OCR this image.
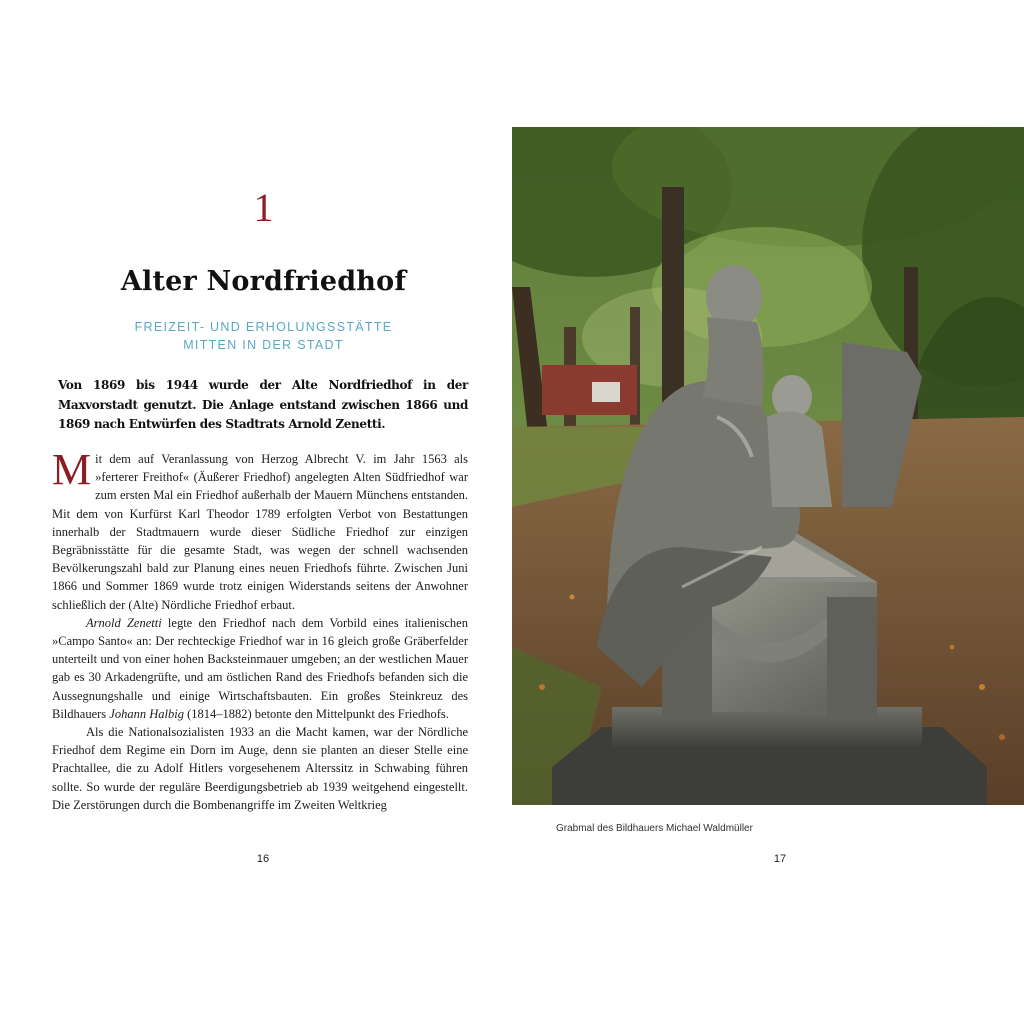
1
Alter Nordfriedhof
FREIZEIT- UND ERHOLUNGSSTÄTTE
MITTEN IN DER STADT
Von 1869 bis 1944 wurde der Alte Nordfriedhof in der Maxvorstadt genutzt. Die Anlage entstand zwischen 1866 und 1869 nach Entwürfen des Stadtrats Arnold Zenetti.

Mit dem auf Veranlassung von Herzog Albrecht V. im Jahr 1563 als »ferterer Freithof« (Äußerer Friedhof) angelegten Alten Südfriedhof war zum ersten Mal ein Friedhof außerhalb der Mauern Münchens entstanden. Mit dem von Kurfürst Karl Theodor 1789 erfolgten Verbot von Bestattungen innerhalb der Stadtmauern wurde dieser Südliche Friedhof zur einzigen Begräbnisstätte für die gesamte Stadt, was wegen der schnell wachsenden Bevölkerungszahl bald zur Planung eines neuen Friedhofs führte. Zwischen Juni 1866 und Sommer 1869 wurde trotz einigen Widerstands seitens der Anwohner schließlich der (Alte) Nördliche Friedhof erbaut.

Arnold Zenetti legte den Friedhof nach dem Vorbild eines italienischen »Campo Santo« an: Der rechteckige Friedhof war in 16 gleich große Gräberfelder unterteilt und von einer hohen Backsteinmauer umgeben; an der westlichen Mauer gab es 30 Arkadengrüfte, und am östlichen Rand des Friedhofs befanden sich die Aussegnungshalle und einige Wirtschaftsbauten. Ein großes Steinkreuz des Bildhauers Johann Halbig (1814–1882) betonte den Mittelpunkt des Friedhofs.

Als die Nationalsozialisten 1933 an die Macht kamen, war der Nördliche Friedhof dem Regime ein Dorn im Auge, denn sie planten an dieser Stelle eine Prachtallee, die zu Adolf Hitlers vorgesehenem Alterssitz in Schwabing führen sollte. So wurde der reguläre Beerdigungsbetrieb ab 1939 weitgehend eingestellt. Die Zerstörungen durch die Bombenangriffe im Zweiten Weltkrieg

16
Grabmal des Bildhauers Michael Waldmüller
17
